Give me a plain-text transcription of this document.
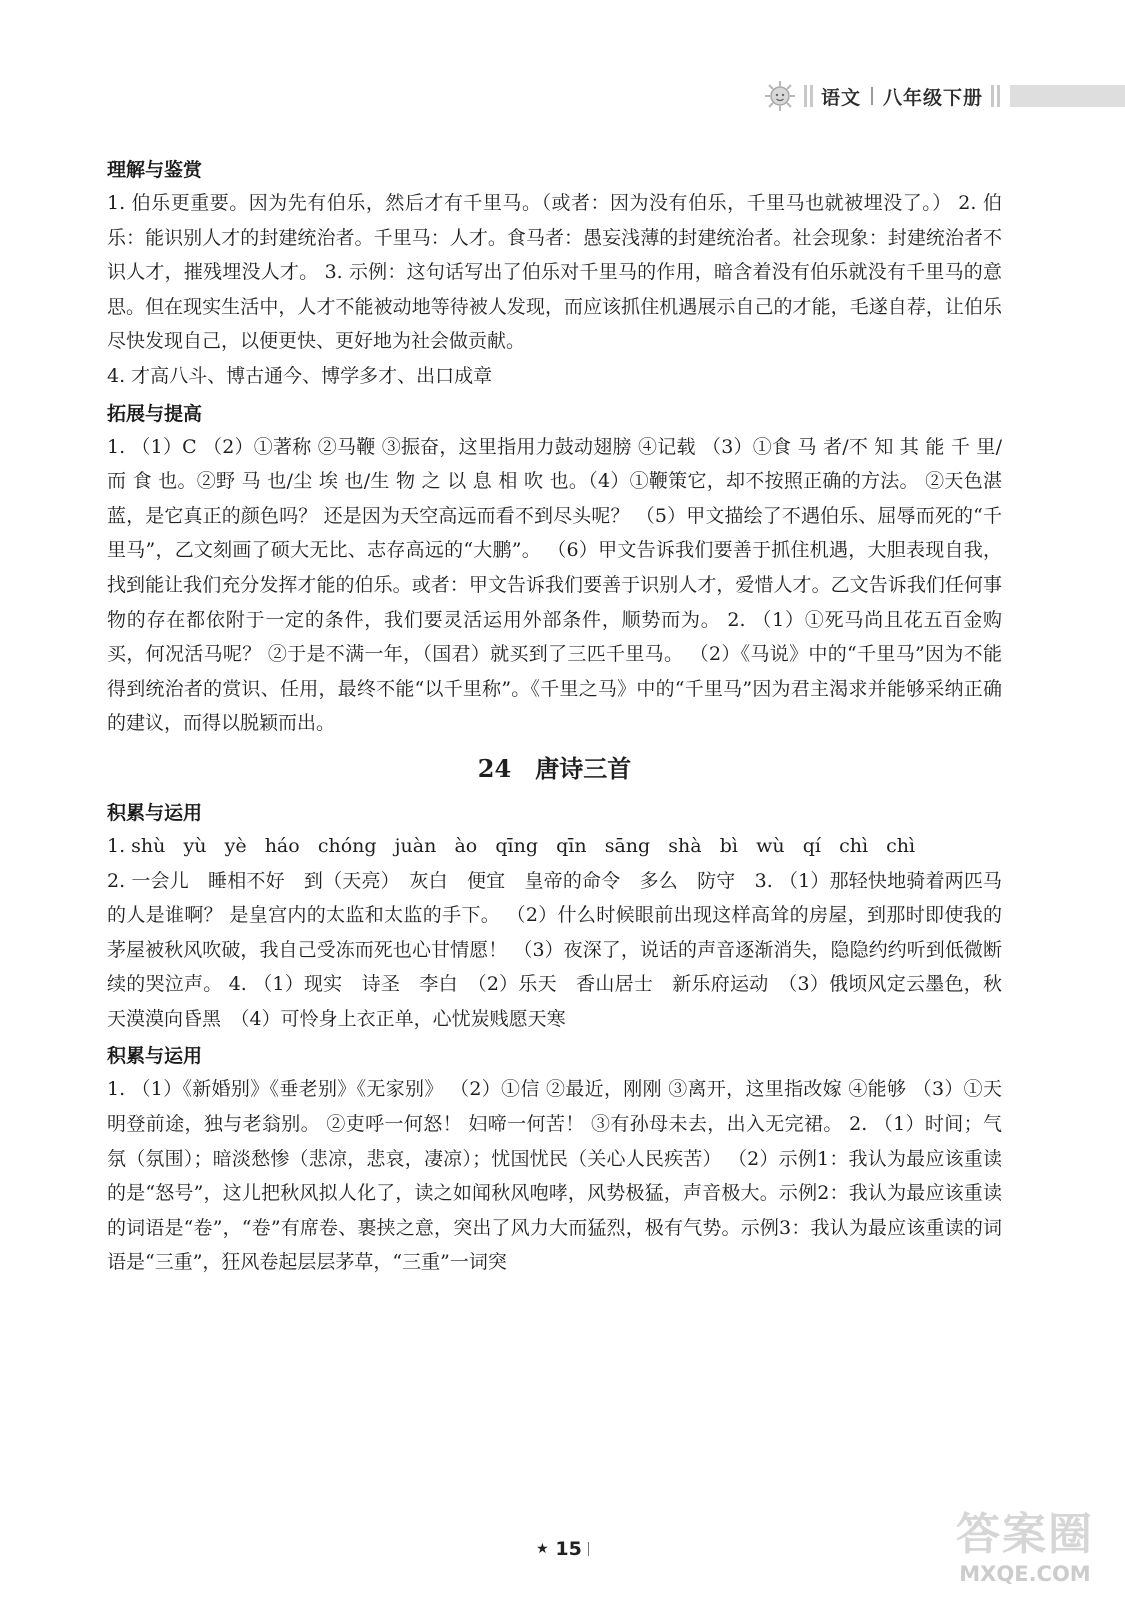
语文 八年级下册
理解与鉴赏

1. 伯乐更重要。因为先有伯乐，然后才有千里马。（或者：因为没有伯乐，千里马也就被埋没了。） 2. 伯乐：能识别人才的封建统治者。千里马：人才。食马者：愚妄浅薄的封建统治者。社会现象：封建统治者不识人才，摧残埋没人才。 3. 示例：这句话写出了伯乐对千里马的作用，暗含着没有伯乐就没有千里马的意思。但在现实生活中，人才不能被动地等待被人发现，而应该抓住机遇展示自己的才能，毛遂自荐，让伯乐尽快发现自己，以便更快、更好地为社会做贡献。

4. 才高八斗、博古通今、博学多才、出口成章

拓展与提高

1. （1）C （2）①著称 ②马鞭 ③振奋，这里指用力鼓动翅膀 ④记载 （3）①食 马 者/不 知 其 能 千 里/而 食 也。②野 马 也/尘 埃 也/生 物 之 以 息 相 吹 也。（4）①鞭策它，却不按照正确的方法。 ②天色湛蓝，是它真正的颜色吗？ 还是因为天空高远而看不到尽头呢？ （5）甲文描绘了不遇伯乐、屈辱而死的“千里马”，乙文刻画了硕大无比、志存高远的“大鹏”。 （6）甲文告诉我们要善于抓住机遇，大胆表现自我，找到能让我们充分发挥才能的伯乐。或者：甲文告诉我们要善于识别人才，爱惜人才。乙文告诉我们任何事物的存在都依附于一定的条件，我们要灵活运用外部条件，顺势而为。 2. （1）①死马尚且花五百金购买，何况活马呢？ ②于是不满一年，（国君）就买到了三匹千里马。 （2）《马说》中的“千里马”因为不能得到统治者的赏识、任用，最终不能“以千里称”。《千里之马》中的“千里马”因为君主渴求并能够采纳正确的建议，而得以脱颖而出。

24　唐诗三首
积累与运用

1. shù   yù   yè   háo   chóng   juàn   ào   qīng   qīn   sāng   shà   bì   wù   qí   chì   chì

2. 一会儿　睡相不好　到（天亮）　灰白　便宜　皇帝的命令　多么　防守　3. （1）那轻快地骑着两匹马的人是谁啊？ 是皇宫内的太监和太监的手下。 （2）什么时候眼前出现这样高耸的房屋，到那时即使我的茅屋被秋风吹破，我自己受冻而死也心甘情愿！ （3）夜深了，说话的声音逐渐消失，隐隐约约听到低微断续的哭泣声。 4. （1）现实　诗圣　李白　（2）乐天　香山居士　新乐府运动　（3）俄顷风定云墨色，秋天漠漠向昏黑　（4）可怜身上衣正单，心忧炭贱愿天寒

积累与运用

1. （1）《新婚别》《垂老别》《无家别》 （2）①信 ②最近，刚刚 ③离开，这里指改嫁 ④能够 （3）①天明登前途，独与老翁别。 ②吏呼一何怒！ 妇啼一何苦！ ③有孙母未去，出入无完裙。 2. （1）时间；气氛（氛围）；暗淡愁惨（悲凉，悲哀，凄凉）；忧国忧民（关心人民疾苦） （2）示例1：我认为最应该重读的是“怒号”，这儿把秋风拟人化了，读之如闻秋风咆哮，风势极猛，声音极大。示例2：我认为最应该重读的词语是“卷”，“卷”有席卷、裹挟之意，突出了风力大而猛烈，极有气势。示例3：我认为最应该重读的词语是“三重”，狂风卷起层层茅草，“三重”一词突

★ 15	答案圈
MXQE.COM
